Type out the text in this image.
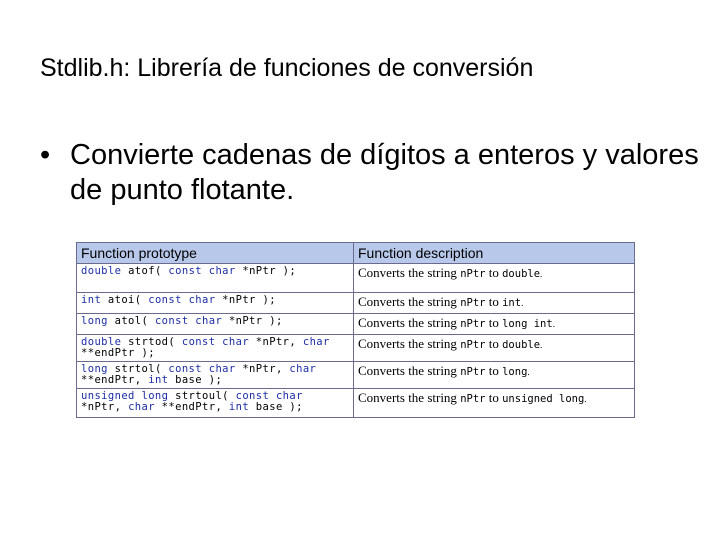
Stdlib.h: Librería de funciones de conversión
• Convierte cadenas de dígitos a enteros y valores de punto flotante.
Function prototype	Function description

double atof( const char *nPtr );	Converts the string nPtr to double.

int atoi( const char *nPtr );	Converts the string nPtr to int.

long atol( const char *nPtr );	Converts the string nPtr to long int.

double strtod( const char *nPtr, char
**endPtr );	Converts the string nPtr to double.

long strtol( const char *nPtr, char
**endPtr, int base );	Converts the string nPtr to long.

unsigned long strtoul( const char
*nPtr, char **endPtr, int base );	Converts the string nPtr to unsigned long.
